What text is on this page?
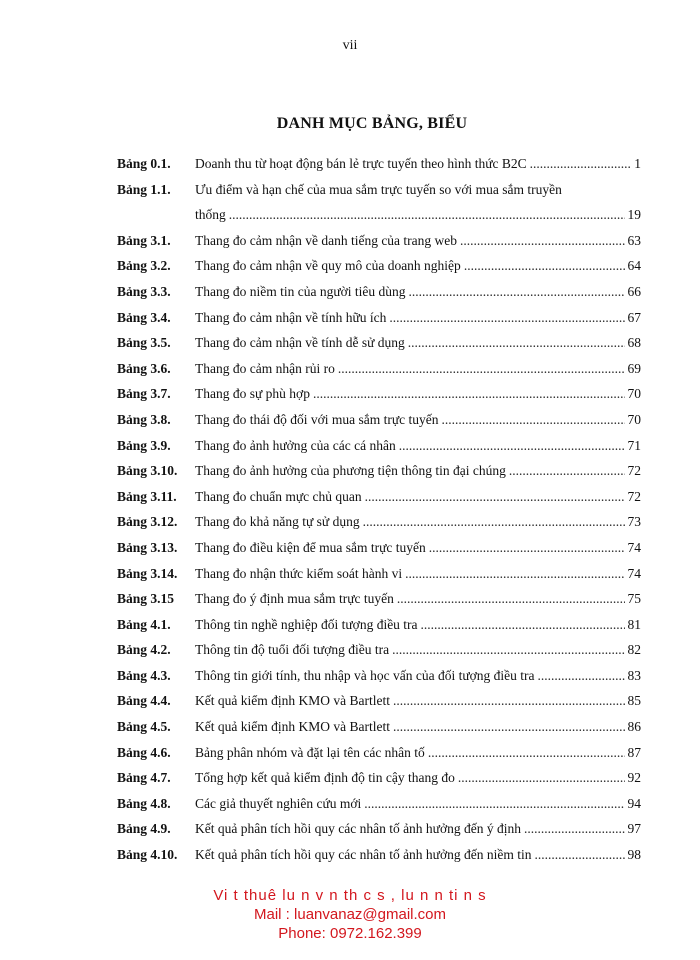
vii
DANH MỤC BẢNG, BIỂU
Bảng 0.1.	Doanh thu từ hoạt động bán lẻ trực tuyến theo hình thức B2C .....	1
Bảng 1.1.	Ưu điểm và hạn chế của mua sắm trực tuyến so với mua sắm truyền
thống .....	19
Bảng 3.1.	Thang đo cảm nhận về danh tiếng của trang web .....	63
Bảng 3.2.	Thang đo cảm nhận về quy mô của doanh nghiệp .....	64
Bảng 3.3.	Thang đo niềm tin của người tiêu dùng .....	66
Bảng 3.4.	Thang đo cảm nhận về tính hữu ích .....	67
Bảng 3.5.	Thang đo cảm nhận về tính dễ sử dụng .....	68
Bảng 3.6.	Thang đo cảm nhận rủi ro .....	69
Bảng 3.7.	Thang đo sự phù hợp .....	70
Bảng 3.8.	Thang đo thái độ đối với mua sắm trực tuyến .....	70
Bảng 3.9.	Thang đo ảnh hưởng của các cá nhân .....	71
Bảng 3.10.	Thang đo ảnh hưởng của phương tiện thông tin đại chúng .....	72
Bảng 3.11.	Thang đo chuẩn mực chủ quan .....	72
Bảng 3.12.	Thang đo khả năng tự sử dụng .....	73
Bảng 3.13.	Thang đo điều kiện để mua sắm trực tuyến .....	74
Bảng 3.14.	Thang đo nhận thức kiểm soát hành vi .....	74
Bảng 3.15	Thang đo ý định mua sắm trực tuyến .....	75
Bảng 4.1.	Thông tin nghề nghiệp đối tượng điều tra .....	81
Bảng 4.2.	Thông tin độ tuổi đối tượng điều tra .....	82
Bảng 4.3.	Thông tin giới tính, thu nhập và học vấn của đối tượng điều tra .....	83
Bảng 4.4.	Kết quả kiểm định KMO và Bartlett .....	85
Bảng 4.5.	Kết quả kiểm định KMO và Bartlett .....	86
Bảng 4.6.	Bảng phân nhóm và đặt lại tên các nhân tố .....	87
Bảng 4.7.	Tổng hợp kết quả kiểm định độ tin cậy thang đo .....	92
Bảng 4.8.	Các giả thuyết nghiên cứu mới .....	94
Bảng 4.9.	Kết quả phân tích hồi quy các nhân tố ảnh hưởng đến ý định .....	97
Bảng 4.10.	Kết quả phân tích hồi quy các nhân tố ảnh hưởng đến niềm tin .....	98
Vi t thuê lu n v n th c s , lu n n ti n s
Mail : luanvanaz@gmail.com
Phone: 0972.162.399
